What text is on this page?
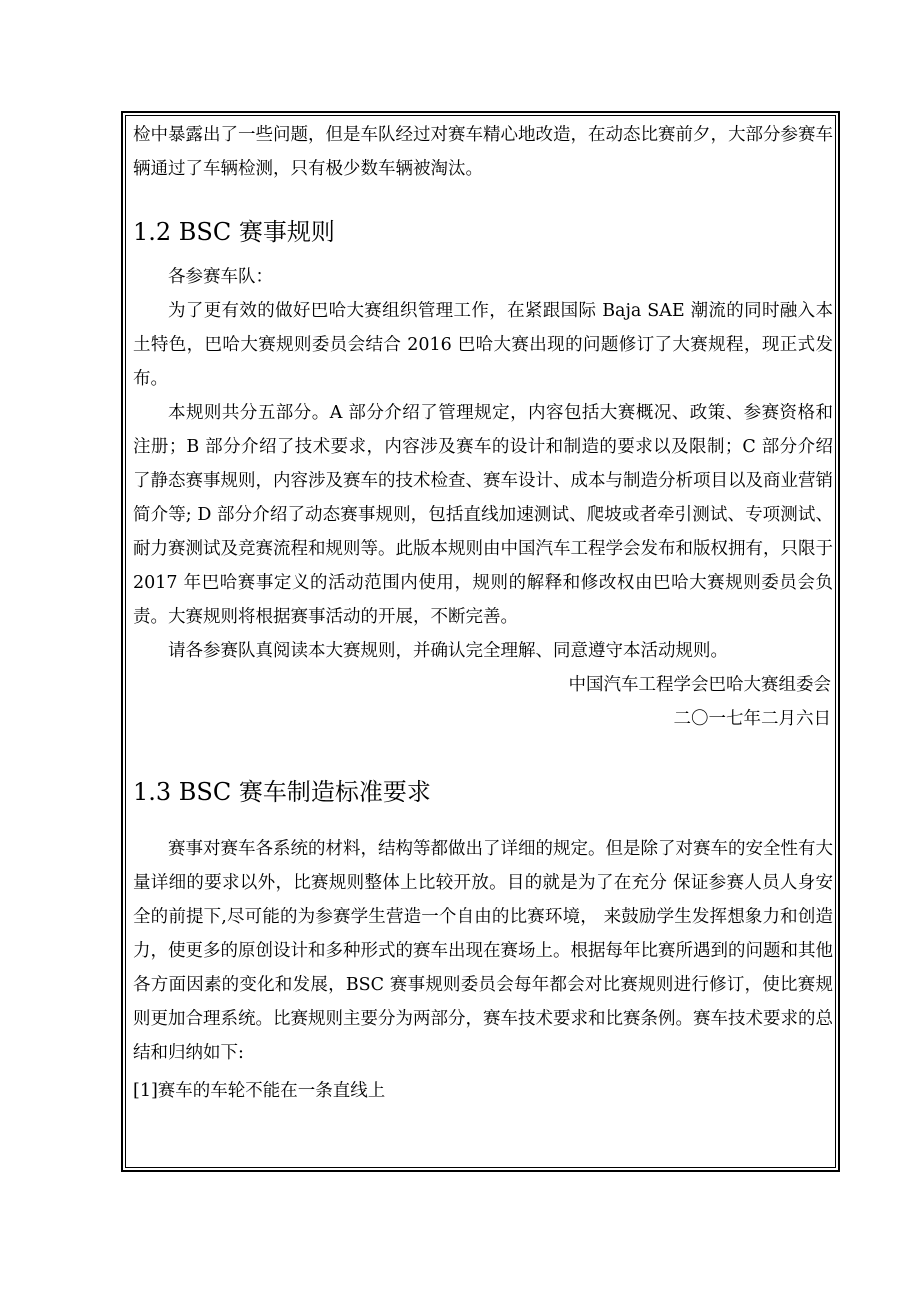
检中暴露出了一些问题，但是车队经过对赛车精心地改造，在动态比赛前夕，大部分参赛车辆通过了车辆检测，只有极少数车辆被淘汰。

1.2 BSC 赛事规则

各参赛车队：

为了更有效的做好巴哈大赛组织管理工作，在紧跟国际 Baja SAE 潮流的同时融入本土特色，巴哈大赛规则委员会结合 2016 巴哈大赛出现的问题修订了大赛规程，现正式发布。

本规则共分五部分。A 部分介绍了管理规定，内容包括大赛概况、政策、参赛资格和注册；B 部分介绍了技术要求，内容涉及赛车的设计和制造的要求以及限制；C 部分介绍了静态赛事规则，内容涉及赛车的技术检查、赛车设计、成本与制造分析项目以及商业营销简介等; D 部分介绍了动态赛事规则，包括直线加速测试、爬坡或者牵引测试、专项测试、耐力赛测试及竞赛流程和规则等。此版本规则由中国汽车工程学会发布和版权拥有，只限于 2017 年巴哈赛事定义的活动范围内使用，规则的解释和修改权由巴哈大赛规则委员会负责。大赛规则将根据赛事活动的开展，不断完善。

请各参赛队真阅读本大赛规则，并确认完全理解、同意遵守本活动规则。

中国汽车工程学会巴哈大赛组委会

二〇一七年二月六日

1.3 BSC 赛车制造标准要求

赛事对赛车各系统的材料，结构等都做出了详细的规定。但是除了对赛车的安全性有大量详细的要求以外，比赛规则整体上比较开放。目的就是为了在充分 保证参赛人员人身安全的前提下,尽可能的为参赛学生营造一个自由的比赛环境， 来鼓励学生发挥想象力和创造力，使更多的原创设计和多种形式的赛车出现在赛场上。根据每年比赛所遇到的问题和其他各方面因素的变化和发展，BSC 赛事规则委员会每年都会对比赛规则进行修订，使比赛规则更加合理系统。比赛规则主要分为两部分，赛车技术要求和比赛条例。赛车技术要求的总结和归纳如下:

[1]赛车的车轮不能在一条直线上
